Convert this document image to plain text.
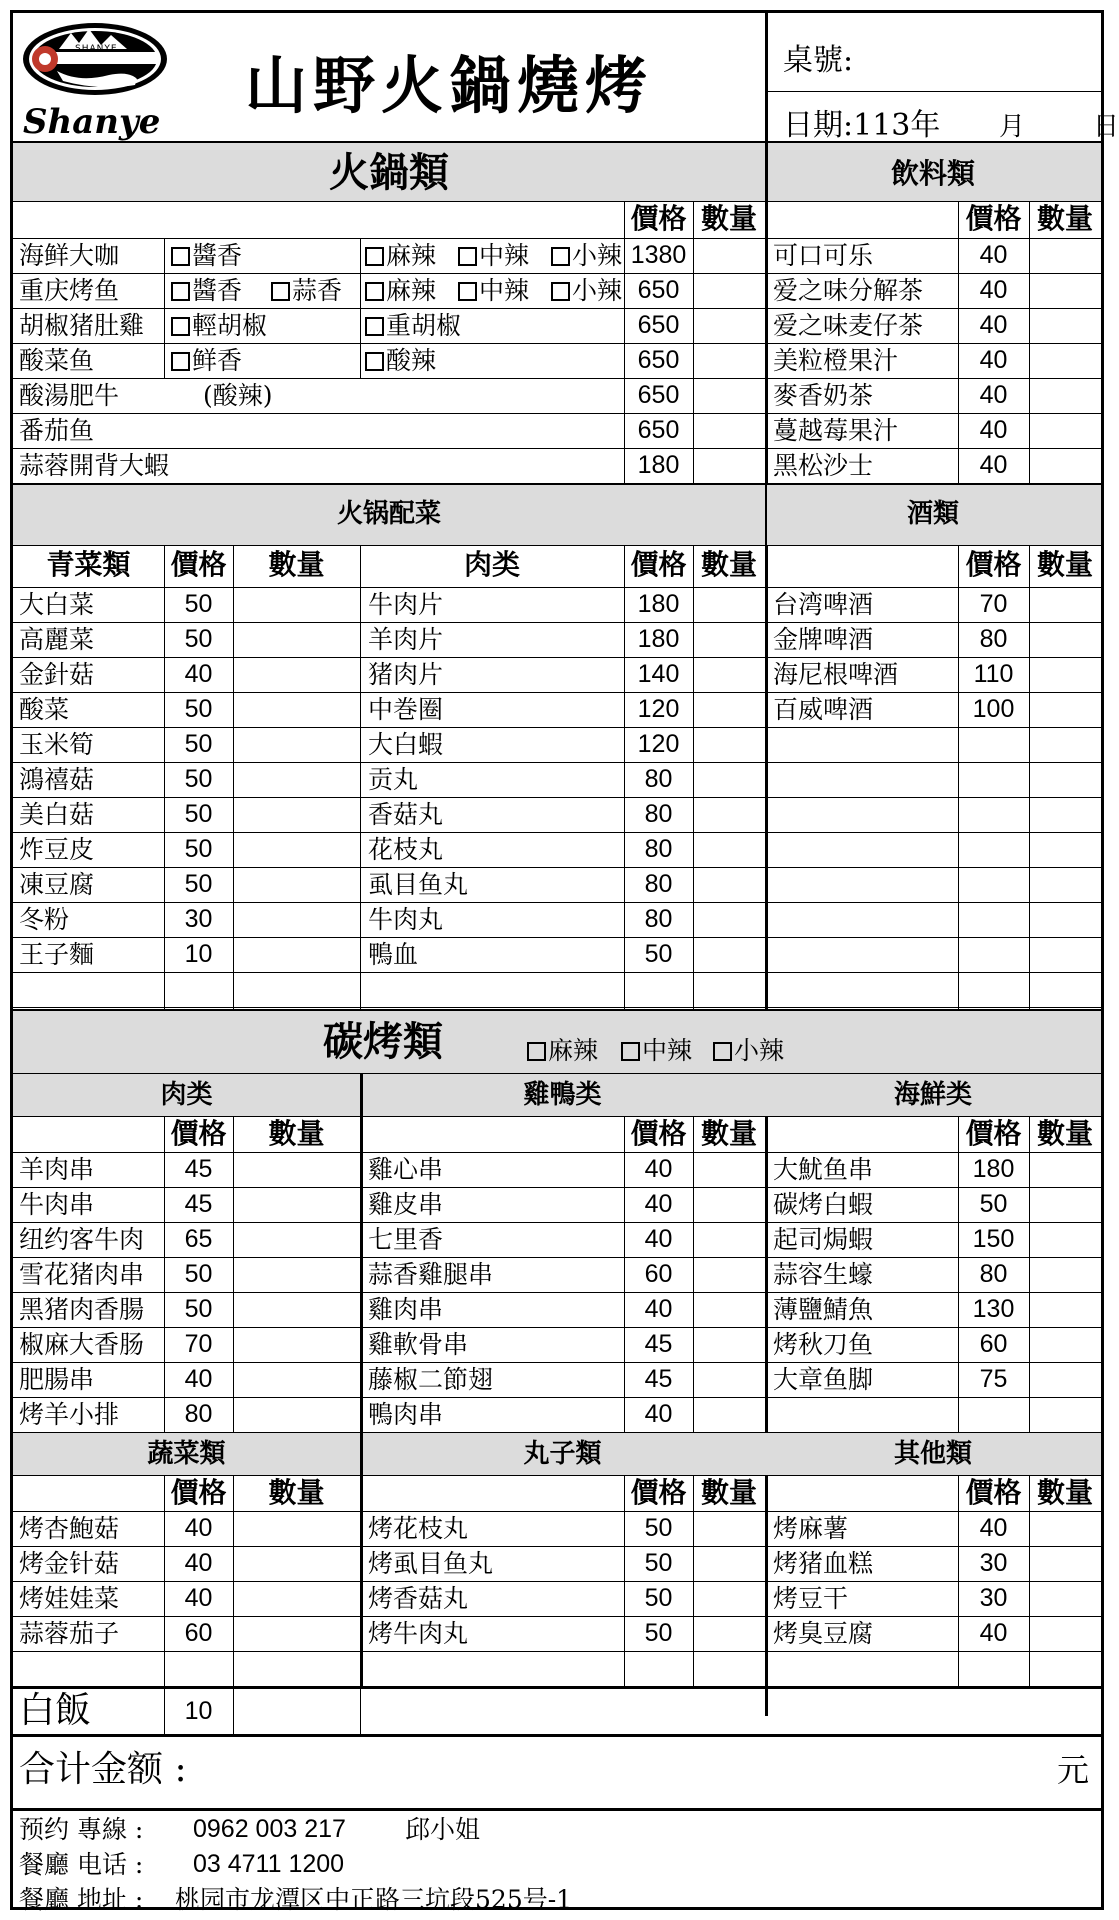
SHANYE
Shanye 山野火鍋燒烤	桌號:
日期:113年 月	日
火鍋類	飲料類
價格 數量	價格 數量
海鲜大咖	醬香	麻辣	中辣	小辣 1380	可口可乐	40
重庆烤鱼	醬香	蒜香	麻辣	中辣	小辣 650	爱之味分解茶	40
胡椒猪肚雞	輕胡椒	重胡椒	650	爱之味麦仔茶	40
酸菜鱼	鲜香	酸辣	650	美粒橙果汁	40
酸湯肥牛	(酸辣)	650	麥香奶茶	40
番茄鱼	650	蔓越莓果汁	40
蒜蓉開背大蝦	180	黑松沙士	40
火锅配菜	酒類
青菜類	價格	數量	肉类	價格 數量	價格 數量
大白菜	50	牛肉片	180	台湾啤酒	70
高麗菜	50	羊肉片	180	金牌啤酒	80
金針菇	40	猪肉片	140	海尼根啤酒	110
酸菜	50	中巻圈	120	百威啤酒	100
玉米筍	50	大白蝦	120
鴻禧菇	50	贡丸	80
美白菇	50	香菇丸	80
炸豆皮	50	花枝丸	80
凍豆腐	50	虱目鱼丸	80
冬粉	30	牛肉丸	80
王子麵	10	鴨血	50
碳烤類	麻辣	中辣	小辣
肉类	雞鴨类	海鮮类
價格	數量	價格 數量	價格 數量
羊肉串	45	雞心串	40	大魷鱼串	180
牛肉串	45	雞皮串	40	碳烤白蝦	50
纽约客牛肉	65	七里香	40	起司焗蝦	150
雪花猪肉串	50	蒜香雞腿串	60	蒜容生蠔	80
黑猪肉香腸	50	雞肉串	40	薄鹽鯖魚	130
椒麻大香肠	70	雞軟骨串	45	烤秋刀鱼	60
肥腸串	40	藤椒二節翅	45	大章鱼脚	75
烤羊小排	80	鴨肉串	40
蔬菜類	丸子類	其他類
價格	數量	價格 數量	價格 數量
烤杏鮑菇	40	烤花枝丸	50	烤麻薯	40
烤金针菇	40	烤虱目鱼丸	50	烤猪血糕	30
烤娃娃菜	40	烤香菇丸	50	烤豆干	30
蒜蓉茄子	60	烤牛肉丸	50	烤臭豆腐	40
白飯	10
合计金额 :	元
预约 專線 : 0962 003 217 邱小姐
餐廳 电话 : 03 4711 1200
餐廳 地址 : 桃园市龙潭区中正路三坑段525号-1
